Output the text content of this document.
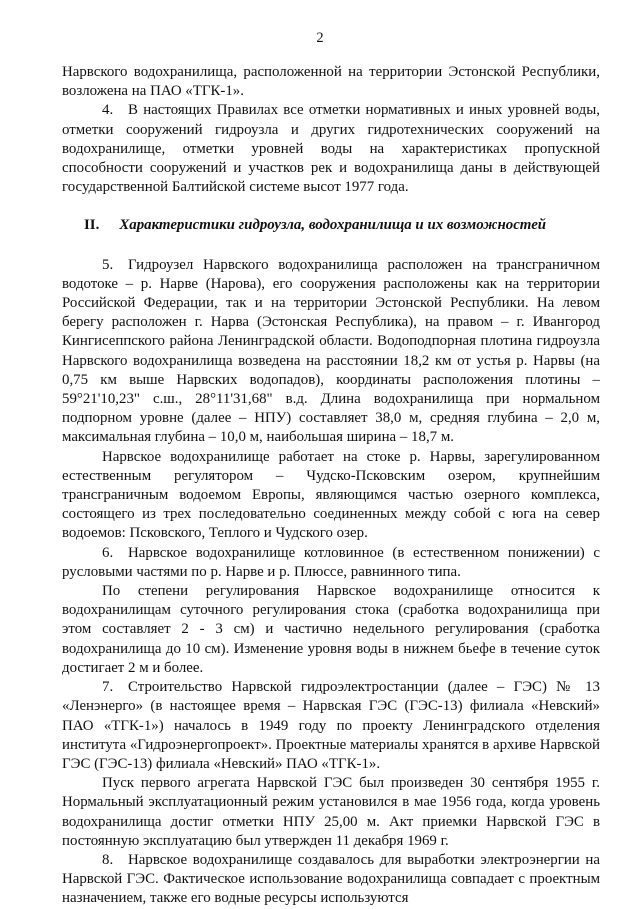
2

Нарвского водохранилища, расположенной на территории Эстонской Республики, возложена на ПАО «ТГК-1».

4. В настоящих Правилах все отметки нормативных и иных уровней воды, отметки сооружений гидроузла и других гидротехнических сооружений на водохранилище, отметки уровней воды на характеристиках пропускной способности сооружений и участков рек и водохранилища даны в действующей государственной Балтийской системе высот 1977 года.

II. Характеристики гидроузла, водохранилища и их возможностей

5. Гидроузел Нарвского водохранилища расположен на трансграничном водотоке – р. Нарве (Нарова), его сооружения расположены как на территории Российской Федерации, так и на территории Эстонской Республики. На левом берегу расположен г. Нарва (Эстонская Республика), на правом – г. Ивангород Кингисеппского района Ленинградской области. Водоподпорная плотина гидроузла Нарвского водохранилища возведена на расстоянии 18,2 км от устья р. Нарвы (на 0,75 км выше Нарвских водопадов), координаты расположения плотины – 59°21'10,23" с.ш., 28°11'31,68" в.д. Длина водохранилища при нормальном подпорном уровне (далее – НПУ) составляет 38,0 м, средняя глубина – 2,0 м, максимальная глубина – 10,0 м, наибольшая ширина – 18,7 м.

Нарвское водохранилище работает на стоке р. Нарвы, зарегулированном естественным регулятором – Чудско-Псковским озером, крупнейшим трансграничным водоемом Европы, являющимся частью озерного комплекса, состоящего из трех последовательно соединенных между собой с юга на север водоемов: Псковского, Теплого и Чудского озер.

6. Нарвское водохранилище котловинное (в естественном понижении) с русловыми частями по р. Нарве и р. Плюссе, равнинного типа.

По степени регулирования Нарвское водохранилище относится к водохранилищам суточного регулирования стока (сработка водохранилища при этом составляет 2 - 3 см) и частично недельного регулирования (сработка водохранилища до 10 см). Изменение уровня воды в нижнем бьефе в течение суток достигает 2 м и более.

7. Строительство Нарвской гидроэлектростанции (далее – ГЭС) № 13 «Ленэнерго» (в настоящее время – Нарвская ГЭС (ГЭС-13) филиала «Невский» ПАО «ТГК-1») началось в 1949 году по проекту Ленинградского отделения института «Гидроэнергопроект». Проектные материалы хранятся в архиве Нарвской ГЭС (ГЭС-13) филиала «Невский» ПАО «ТГК-1».

Пуск первого агрегата Нарвской ГЭС был произведен 30 сентября 1955 г. Нормальный эксплуатационный режим установился в мае 1956 года, когда уровень водохранилища достиг отметки НПУ 25,00 м. Акт приемки Нарвской ГЭС в постоянную эксплуатацию был утвержден 11 декабря 1969 г.

8. Нарвское водохранилище создавалось для выработки электроэнергии на Нарвской ГЭС. Фактическое использование водохранилища совпадает с проектным назначением, также его водные ресурсы используются
